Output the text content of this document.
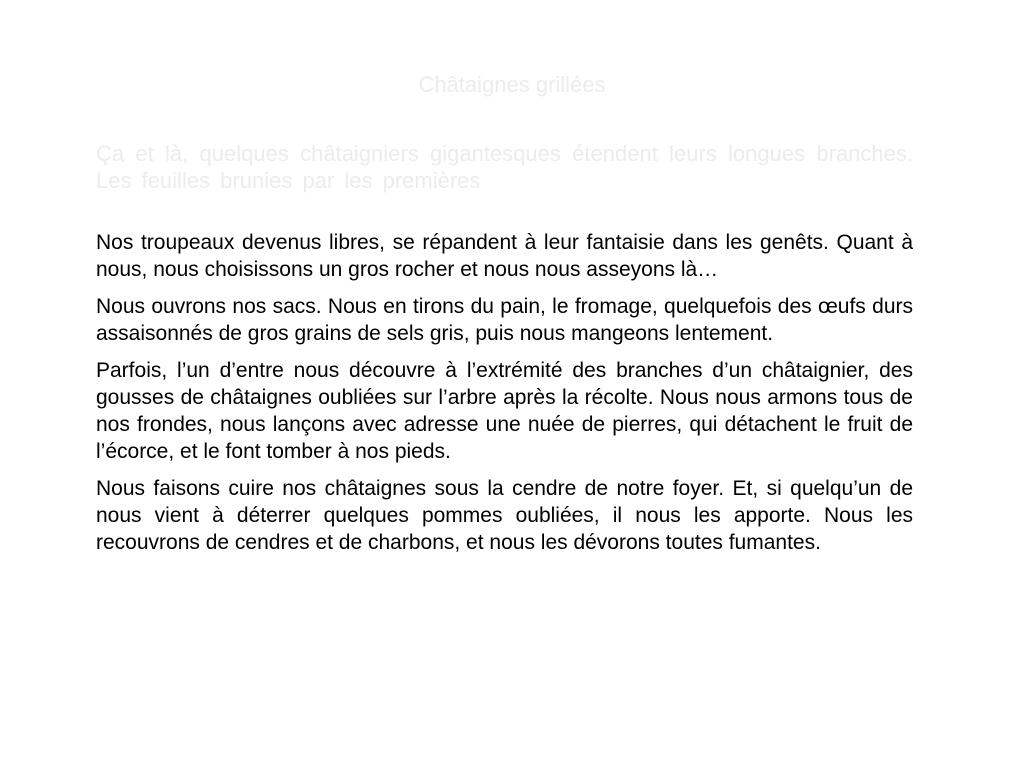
Châtaignes grillées

Ça et là, quelques châtaigniers gigantesques étendent leurs longues branches. Les feuilles brunies par les premières

Nos troupeaux devenus libres, se répandent à leur fantaisie dans les genêts. Quant à nous, nous choisissons un gros rocher et nous nous asseyons là…

Nous ouvrons nos sacs. Nous en tirons du pain, le fromage, quelquefois des œufs durs assaisonnés de gros grains de sels gris, puis nous mangeons lentement.

Parfois, l’un d’entre nous découvre à l’extrémité des branches d’un châtaignier, des gousses de châtaignes oubliées sur l’arbre après la récolte. Nous nous armons tous de nos frondes, nous lançons avec adresse une nuée de pierres, qui détachent le fruit de l’écorce, et le font tomber à nos pieds.

Nous faisons cuire nos châtaignes sous la cendre de notre foyer. Et, si quelqu’un de nous vient à déterrer quelques pommes oubliées, il nous les apporte. Nous les recouvrons de cendres et de charbons, et nous les dévorons toutes fumantes.
